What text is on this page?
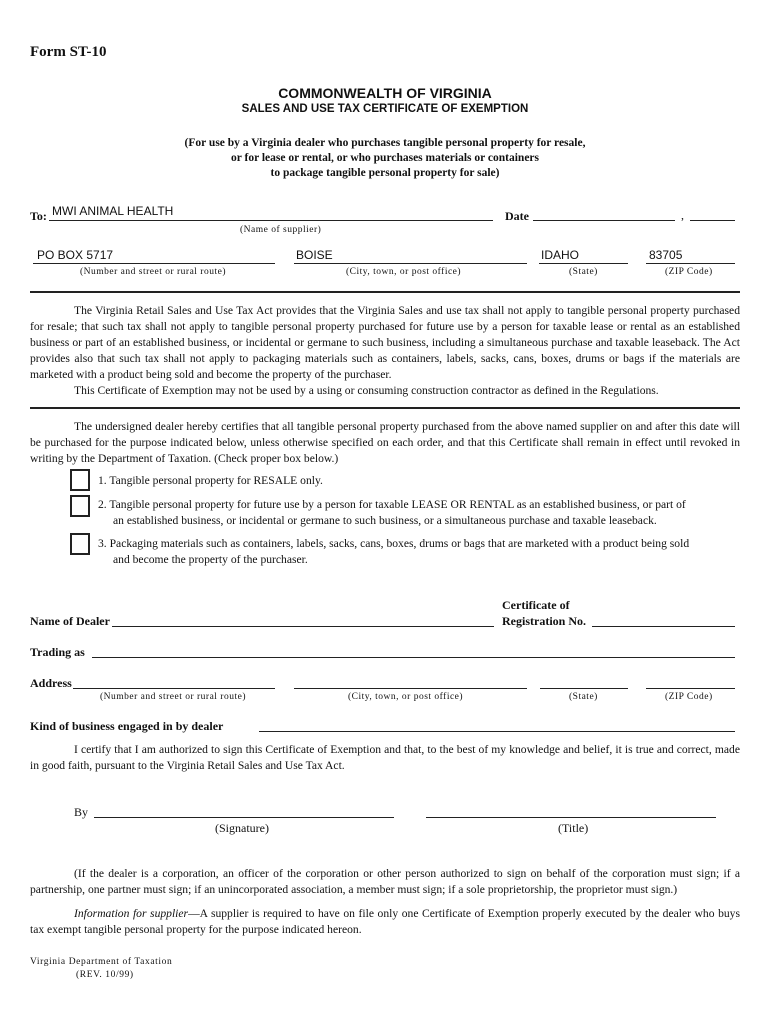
Form ST-10
COMMONWEALTH OF VIRGINIA
SALES AND USE TAX CERTIFICATE OF EXEMPTION
(For use by a Virginia dealer who purchases tangible personal property for resale,
or for lease or rental, or who purchases materials or containers
to package tangible personal property for sale)
To: MWI ANIMAL HEALTH
(Name of supplier)
Date	,
PO BOX 5717	BOISE	IDAHO	83705
(Number and street or rural route)	(City, town, or post office)	(State)	(ZIP Code)
The Virginia Retail Sales and Use Tax Act provides that the Virginia Sales and use tax shall not apply to tangible personal property purchased for resale; that such tax shall not apply to tangible personal property purchased for future use by a person for taxable lease or rental as an established business or part of an established business, or incidental or germane to such business, including a simultaneous purchase and taxable leaseback. The Act provides also that such tax shall not apply to packaging materials such as containers, labels, sacks, cans, boxes, drums or bags if the materials are marketed with a product being sold and become the property of the purchaser.
This Certificate of Exemption may not be used by a using or consuming construction contractor as defined in the Regulations.
The undersigned dealer hereby certifies that all tangible personal property purchased from the above named supplier on and after this date will be purchased for the purpose indicated below, unless otherwise specified on each order, and that this Certificate shall remain in effect until revoked in writing by the Department of Taxation. (Check proper box below.)
1. Tangible personal property for RESALE only.
2. Tangible personal property for future use by a person for taxable LEASE OR RENTAL as an established business, or part of
an established business, or incidental or germane to such business, or a simultaneous purchase and taxable leaseback.
3. Packaging materials such as containers, labels, sacks, cans, boxes, drums or bags that are marketed with a product being sold
and become the property of the purchaser.
Name of Dealer
Certificate of
Registration No.
Trading as
Address
(Number and street or rural route)	(City, town, or post office)	(State)	(ZIP Code)
Kind of business engaged in by dealer
I certify that I am authorized to sign this Certificate of Exemption and that, to the best of my knowledge and belief, it is true and correct, made in good faith, pursuant to the Virginia Retail Sales and Use Tax Act.
By
(Signature)	(Title)
(If the dealer is a corporation, an officer of the corporation or other person authorized to sign on behalf of the corporation must sign; if a partnership, one partner must sign; if an unincorporated association, a member must sign; if a sole proprietorship, the proprietor must sign.)
Information for supplier—A supplier is required to have on file only one Certificate of Exemption properly executed by the dealer who buys tax exempt tangible personal property for the purpose indicated hereon.
Virginia Department of Taxation
(REV. 10/99)
